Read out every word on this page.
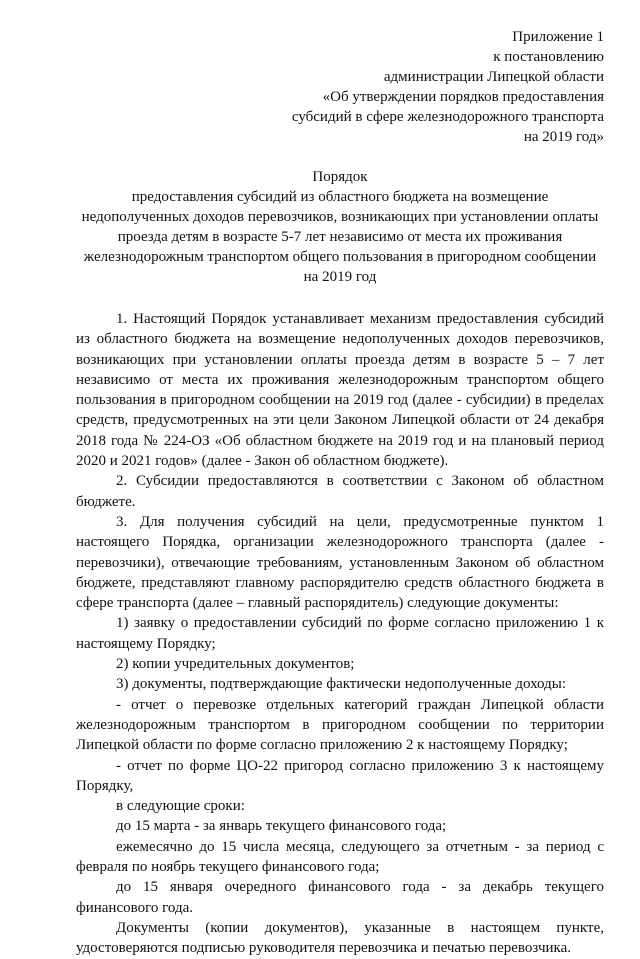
Приложение 1
к постановлению
администрации Липецкой области
«Об утверждении порядков предоставления
субсидий в сфере железнодорожного транспорта
на 2019 год»
Порядок
предоставления субсидий из областного бюджета на возмещение
недополученных доходов перевозчиков, возникающих при установлении оплаты
проезда детям в возрасте 5-7 лет независимо от места их проживания
железнодорожным транспортом общего пользования в пригородном сообщении
на 2019 год

1. Настоящий Порядок устанавливает механизм предоставления субсидий из областного бюджета на возмещение недополученных доходов перевозчиков, возникающих при установлении оплаты проезда детям в возрасте 5 – 7 лет независимо от места их проживания железнодорожным транспортом общего пользования в пригородном сообщении на 2019 год (далее - субсидии) в пределах средств, предусмотренных на эти цели Законом Липецкой области от 24 декабря 2018 года № 224-ОЗ «Об областном бюджете на 2019 год и на плановый период 2020 и 2021 годов» (далее - Закон об областном бюджете).

2. Субсидии предоставляются в соответствии с Законом об областном бюджете.

3. Для получения субсидий на цели, предусмотренные пунктом 1 настоящего Порядка, организации железнодорожного транспорта (далее - перевозчики), отвечающие требованиям, установленным Законом об областном бюджете, представляют главному распорядителю средств областного бюджета в сфере транспорта (далее – главный распорядитель) следующие документы:

1) заявку о предоставлении субсидий по форме согласно приложению 1 к настоящему Порядку;

2) копии учредительных документов;

3) документы, подтверждающие фактически недополученные доходы:

- отчет о перевозке отдельных категорий граждан Липецкой области железнодорожным транспортом в пригородном сообщении по территории Липецкой области по форме согласно приложению 2 к настоящему Порядку;

- отчет по форме ЦО-22 пригород согласно приложению 3 к настоящему Порядку,

в следующие сроки:

до 15 марта - за январь текущего финансового года;

ежемесячно до 15 числа месяца, следующего за отчетным - за период с февраля по ноябрь текущего финансового года;

до 15 января очередного финансового года - за декабрь текущего финансового года.

Документы (копии документов), указанные в настоящем пункте, удостоверяются подписью руководителя перевозчика и печатью перевозчика.
